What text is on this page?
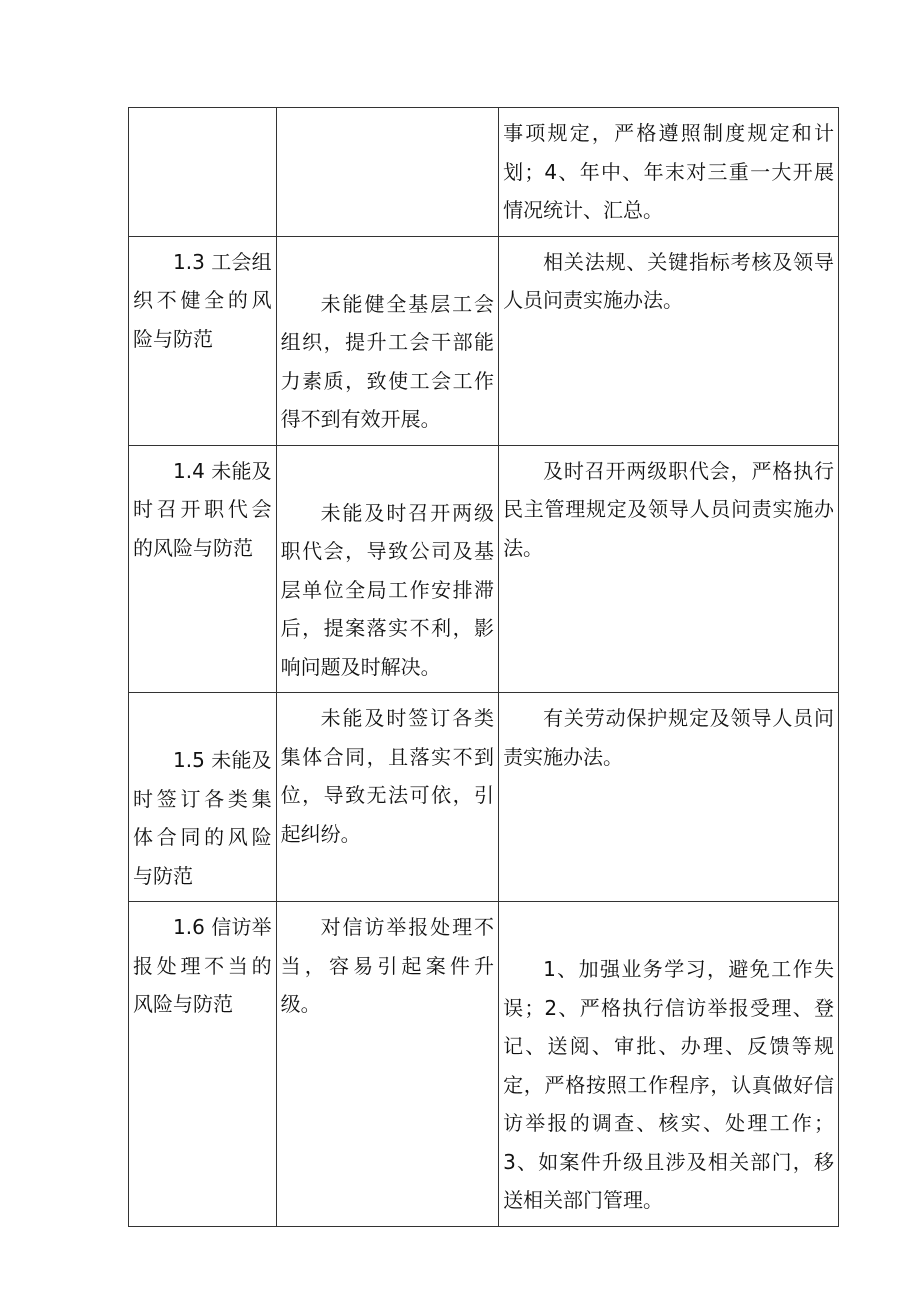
		事项规定，严格遵照制度规定和计划；4、年中、年末对三重一大开展情况统计、汇总。
1.3 工会组织不健全的风险与防范	未能健全基层工会组织，提升工会干部能力素质，致使工会工作得不到有效开展。	相关法规、关键指标考核及领导人员问责实施办法。
1.4 未能及时召开职代会的风险与防范	未能及时召开两级职代会，导致公司及基层单位全局工作安排滞后，提案落实不利，影响问题及时解决。	及时召开两级职代会，严格执行民主管理规定及领导人员问责实施办法。
1.5 未能及时签订各类集体合同的风险与防范	未能及时签订各类集体合同，且落实不到位，导致无法可依，引起纠纷。	有关劳动保护规定及领导人员问责实施办法。
1.6 信访举报处理不当的风险与防范	对信访举报处理不当，容易引起案件升级。	1、加强业务学习，避免工作失误；2、严格执行信访举报受理、登记、送阅、审批、办理、反馈等规定，严格按照工作程序，认真做好信访举报的调查、核实、处理工作；3、如案件升级且涉及相关部门，移送相关部门管理。
